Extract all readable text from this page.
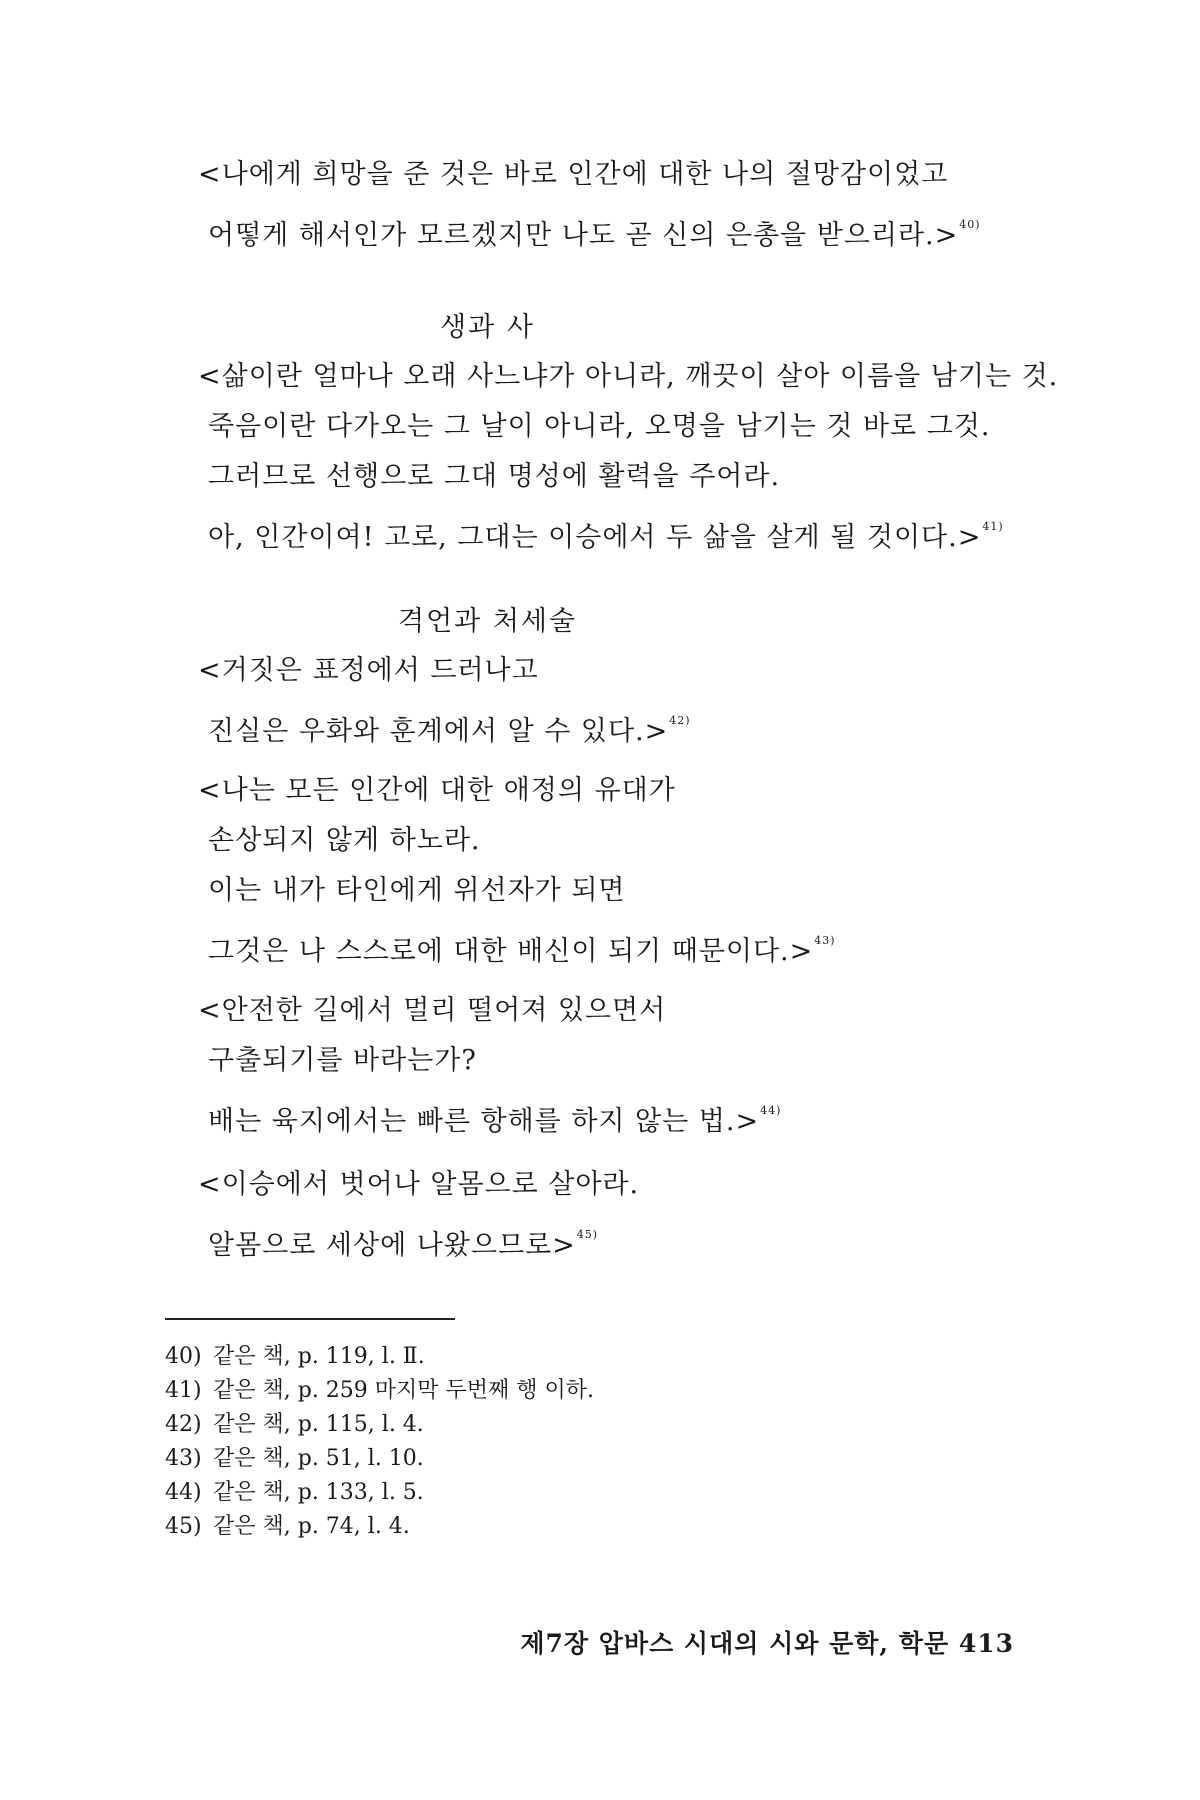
<나에게 희망을 준 것은 바로 인간에 대한 나의 절망감이었고
어떻게 해서인가 모르겠지만 나도 곧 신의 은총을 받으리라.>$^{40)}$
생과 사
<삶이란 얼마나 오래 사느냐가 아니라, 깨끗이 살아 이름을 남기는 것.
죽음이란 다가오는 그 날이 아니라, 오명을 남기는 것 바로 그것.
그러므로 선행으로 그대 명성에 활력을 주어라.
아, 인간이여! 고로, 그대는 이승에서 두 삶을 살게 될 것이다.>$^{41)}$
격언과 처세술
<거짓은 표정에서 드러나고
진실은 우화와 훈계에서 알 수 있다.>$^{42)}$
<나는 모든 인간에 대한 애정의 유대가
손상되지 않게 하노라.
이는 내가 타인에게 위선자가 되면
그것은 나 스스로에 대한 배신이 되기 때문이다.>$^{43)}$
<안전한 길에서 멀리 떨어져 있으면서
구출되기를 바라는가?
배는 육지에서는 빠른 항해를 하지 않는 법.>$^{44)}$
<이승에서 벗어나 알몸으로 살아라.
알몸으로 세상에 나왔으므로>$^{45)}$
40) 같은 책, p. 119, l. Ⅱ.
41) 같은 책, p. 259 마지막 두번째 행 이하.
42) 같은 책, p. 115, l. 4.
43) 같은 책, p. 51, l. 10.
44) 같은 책, p. 133, l. 5.
45) 같은 책, p. 74, l. 4.
제7장 압바스 시대의 시와 문학, 학문 413
